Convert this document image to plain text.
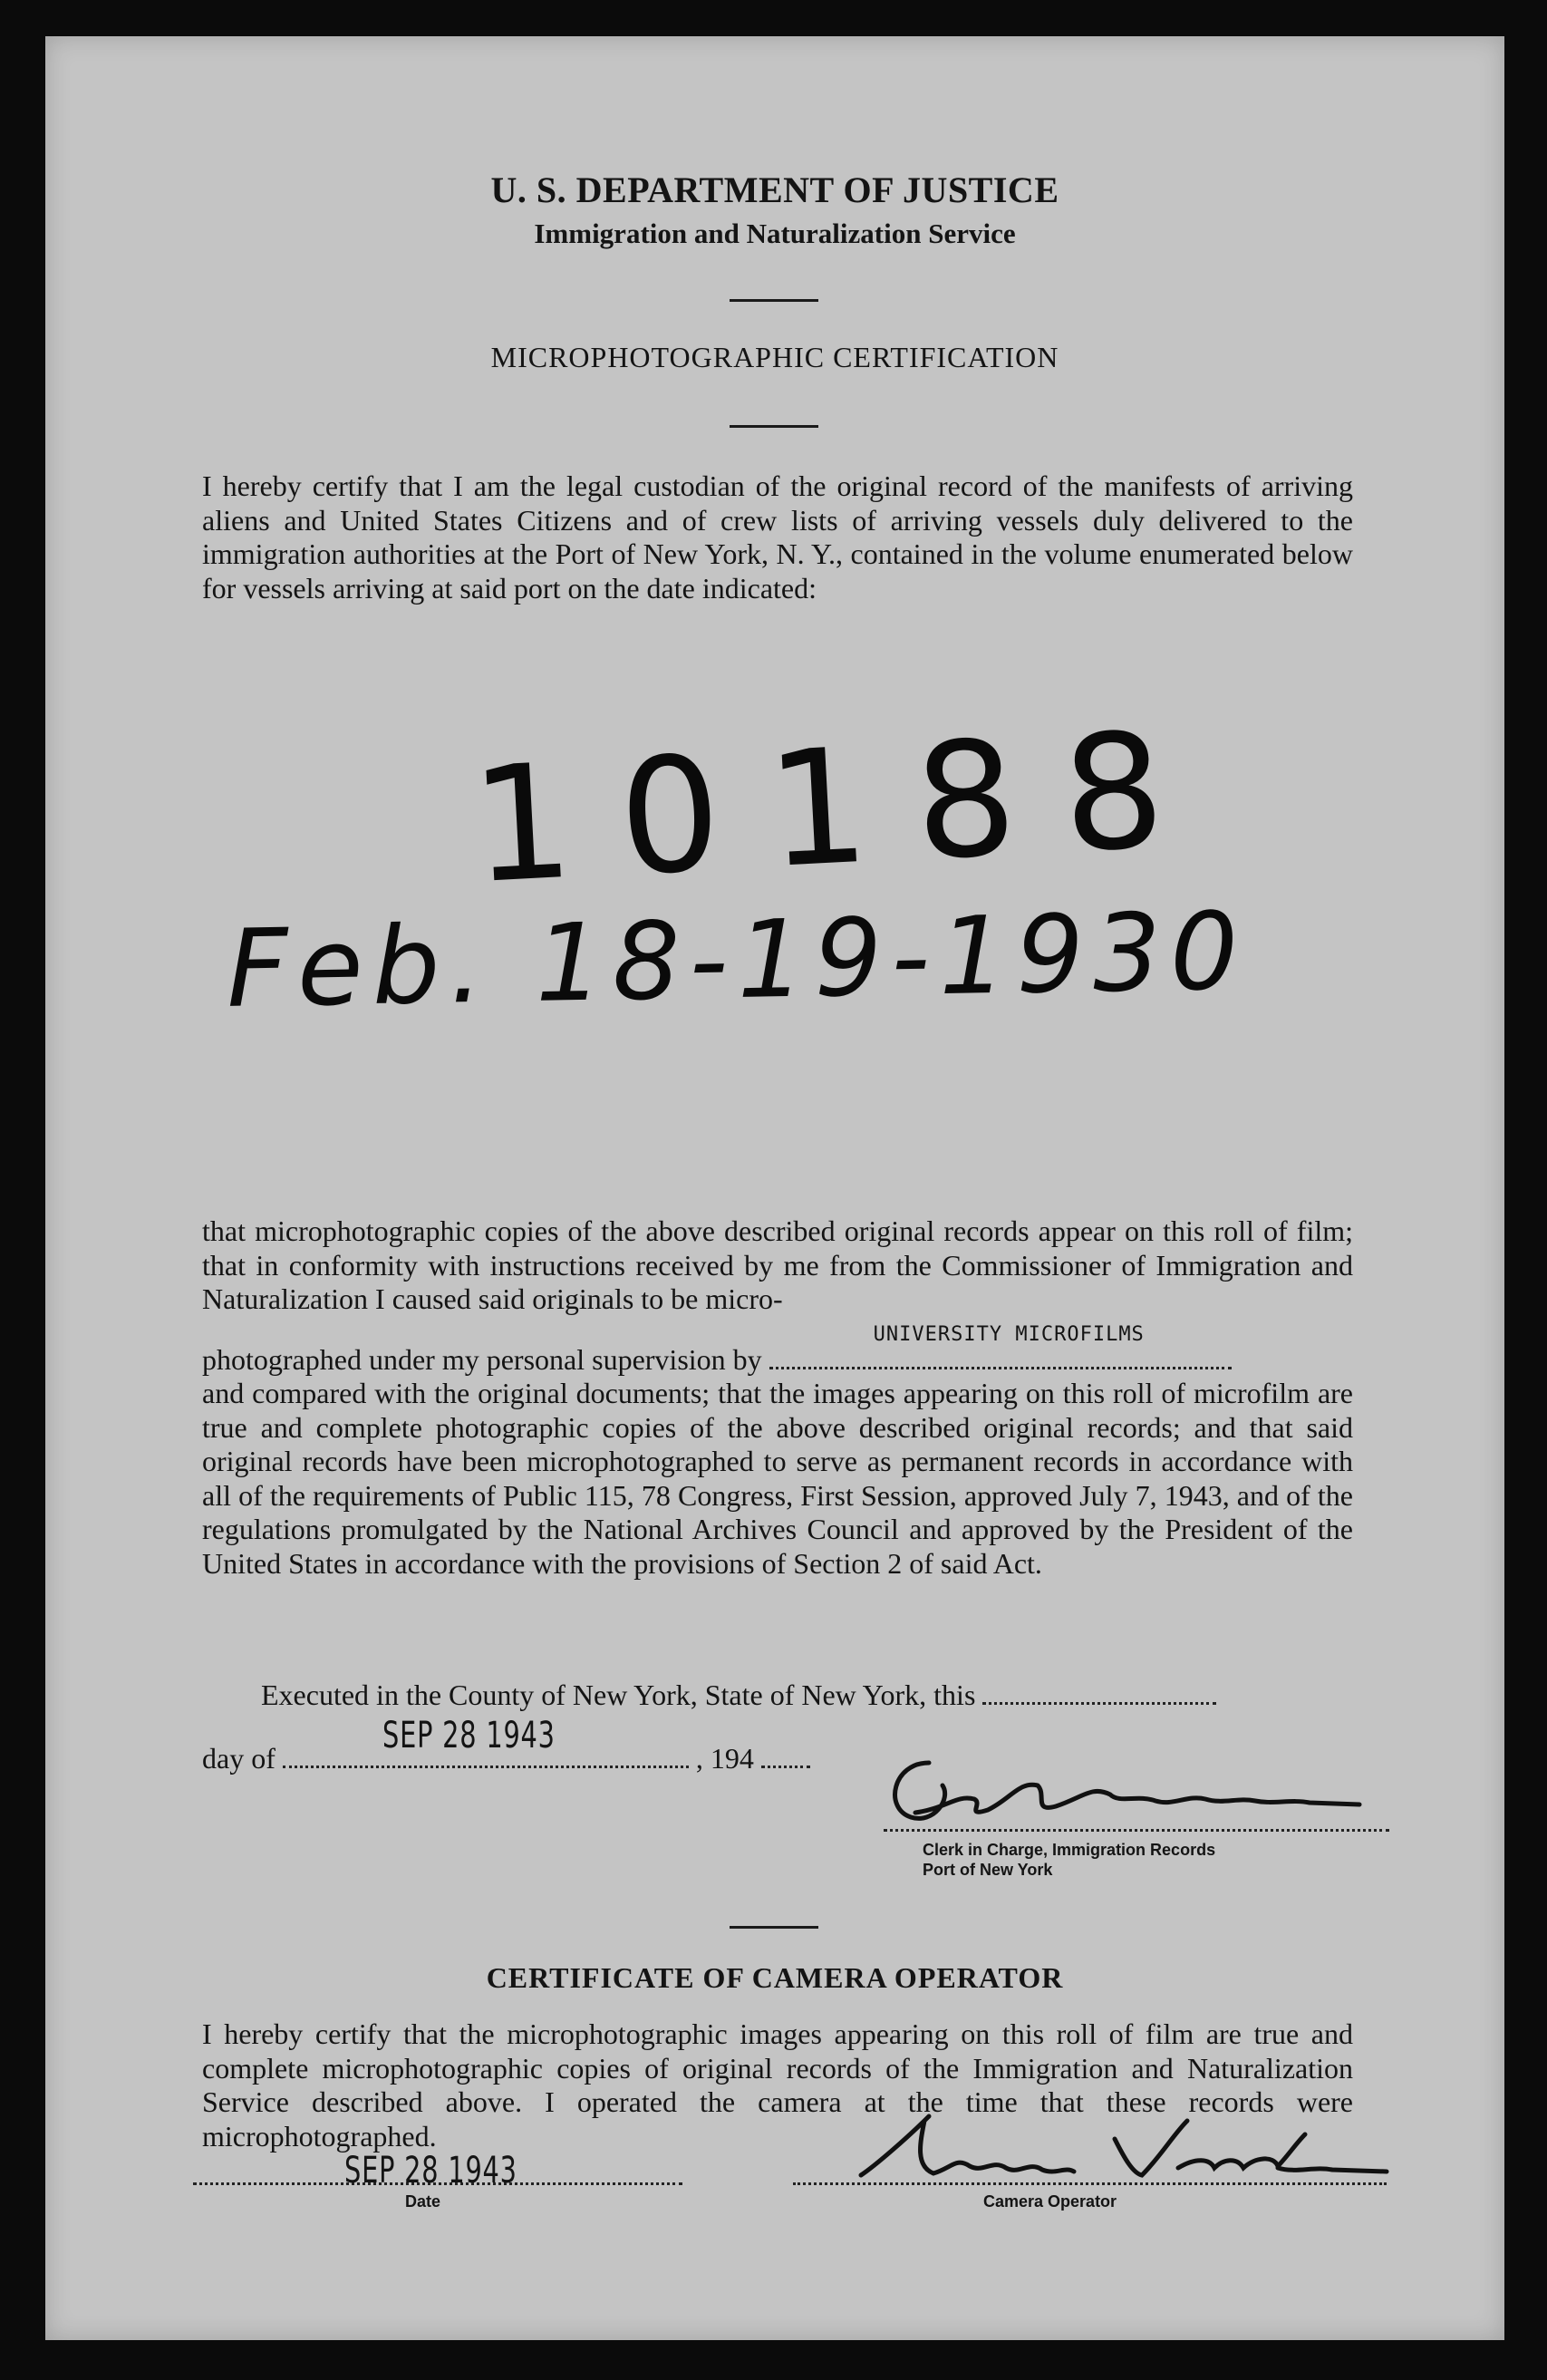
U. S. DEPARTMENT OF JUSTICE
Immigration and Naturalization Service
MICROPHOTOGRAPHIC CERTIFICATION

I hereby certify that I am the legal custodian of the original record of the manifests of arriving aliens and United States Citizens and of crew lists of arriving vessels duly delivered to the immigration authorities at the Port of New York, N. Y., contained in the volume enumerated below for vessels arriving at said port on the date indicated:

10188
Feb. 18-19-1930

that microphotographic copies of the above described original records appear on this roll of film; that in conformity with instructions received by me from the Commissioner of Immigration and Naturalization I caused said originals to be micro-

photographed under my personal supervision by
UNIVERSITY MICROFILMS

and compared with the original documents; that the images appearing on this roll of microfilm are true and complete photographic copies of the above described original records; and that said original records have been microphotographed to serve as permanent records in accordance with all of the requirements of Public 115, 78 Congress, First Session, approved July 7, 1943, and of the regulations promulgated by the National Archives Council and approved by the President of the United States in accordance with the provisions of Section 2 of said Act.

Executed in the County of New York, State of New York, this
day of
SEP 28 1943
, 194
Clerk in Charge, Immigration Records
Port of New York
CERTIFICATE OF CAMERA OPERATOR

I hereby certify that the microphotographic images appearing on this roll of film are true and complete microphotographic copies of original records of the Immigration and Naturalization Service described above. I operated the camera at the time that these records were microphotographed.

SEP 28 1943
Date	Camera Operator
